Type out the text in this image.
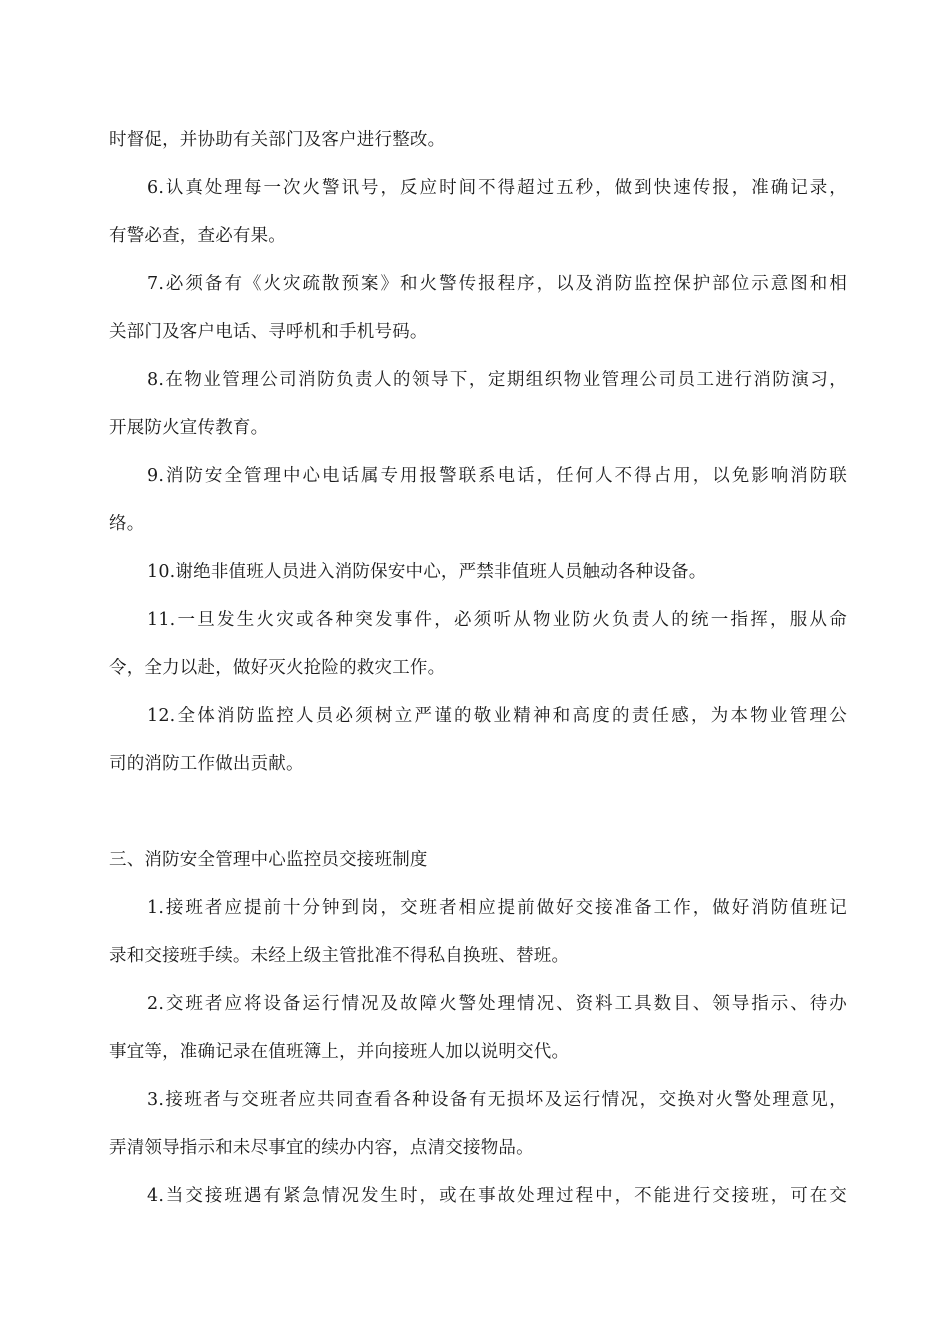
时督促，并协助有关部门及客户进行整改。
6.认真处理每一次火警讯号，反应时间不得超过五秒，做到快速传报，准确记录，
有警必查，查必有果。
7.必须备有《火灾疏散预案》和火警传报程序，以及消防监控保护部位示意图和相
关部门及客户电话、寻呼机和手机号码。
8.在物业管理公司消防负责人的领导下，定期组织物业管理公司员工进行消防演习，
开展防火宣传教育。
9.消防安全管理中心电话属专用报警联系电话，任何人不得占用，以免影响消防联
络。
10.谢绝非值班人员进入消防保安中心，严禁非值班人员触动各种设备。
11.一旦发生火灾或各种突发事件，必须听从物业防火负责人的统一指挥，服从命
令，全力以赴，做好灭火抢险的救灾工作。
12.全体消防监控人员必须树立严谨的敬业精神和高度的责任感，为本物业管理公
司的消防工作做出贡献。
三、消防安全管理中心监控员交接班制度
1.接班者应提前十分钟到岗，交班者相应提前做好交接准备工作，做好消防值班记
录和交接班手续。未经上级主管批准不得私自换班、替班。
2.交班者应将设备运行情况及故障火警处理情况、资料工具数目、领导指示、待办
事宜等，准确记录在值班簿上，并向接班人加以说明交代。
3.接班者与交班者应共同查看各种设备有无损坏及运行情况，交换对火警处理意见，
弄清领导指示和未尽事宜的续办内容，点清交接物品。
4.当交接班遇有紧急情况发生时，或在事故处理过程中，不能进行交接班，可在交
